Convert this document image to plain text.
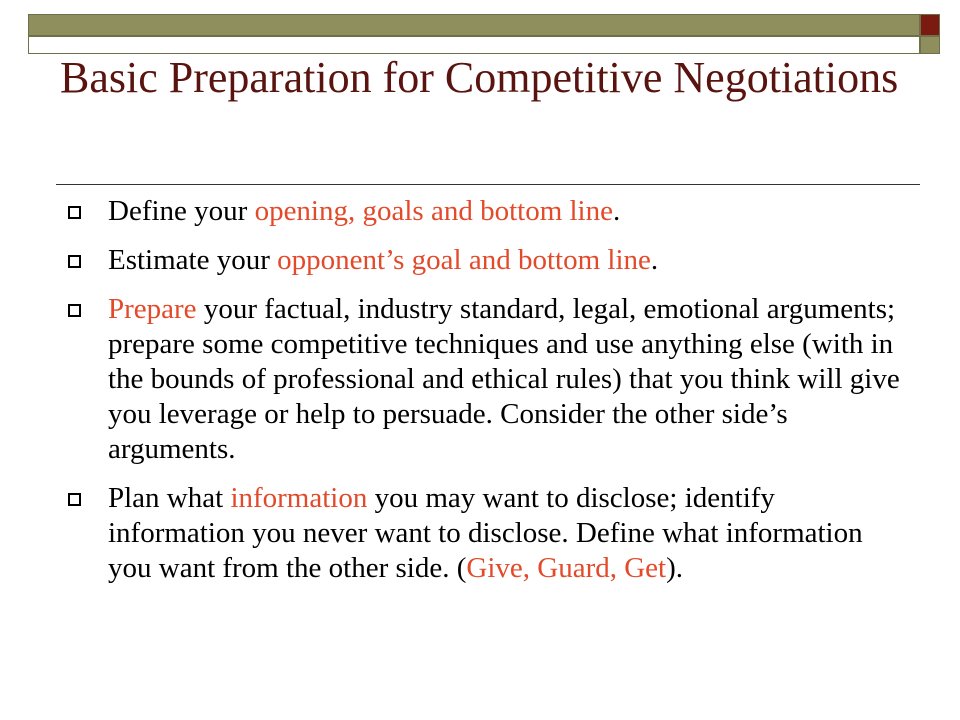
Basic Preparation for Competitive Negotiations
Define your opening, goals and bottom line.
Estimate your opponent’s goal and bottom line.
Prepare your factual, industry standard, legal, emotional arguments; prepare some competitive techniques and use anything else (with in the bounds of professional and ethical rules) that you think will give you leverage or help to persuade. Consider the other side’s arguments.
Plan what information you may want to disclose; identify information you never want to disclose. Define what information you want from the other side. (Give, Guard, Get).
